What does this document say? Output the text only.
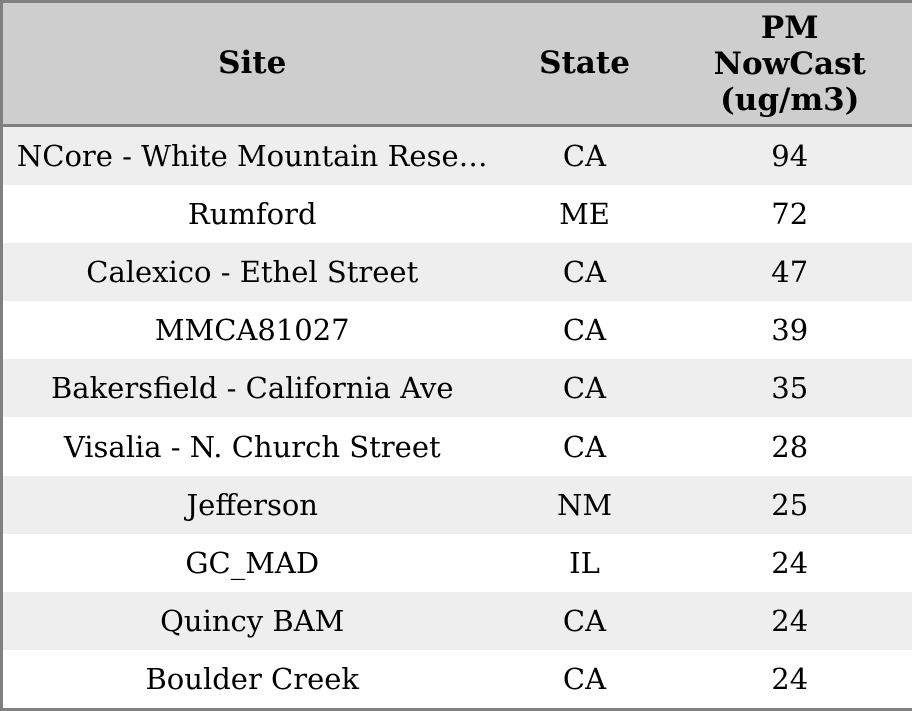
Site	State	PM
NowCast
(ug/m3)

NCore - White Mountain Rese…	CA	94
Rumford	ME	72
Calexico - Ethel Street	CA	47
MMCA81027	CA	39
Bakersfield - California Ave	CA	35
Visalia - N. Church Street	CA	28
Jefferson	NM	25
GC_MAD	IL	24
Quincy BAM	CA	24
Boulder Creek	CA	24
